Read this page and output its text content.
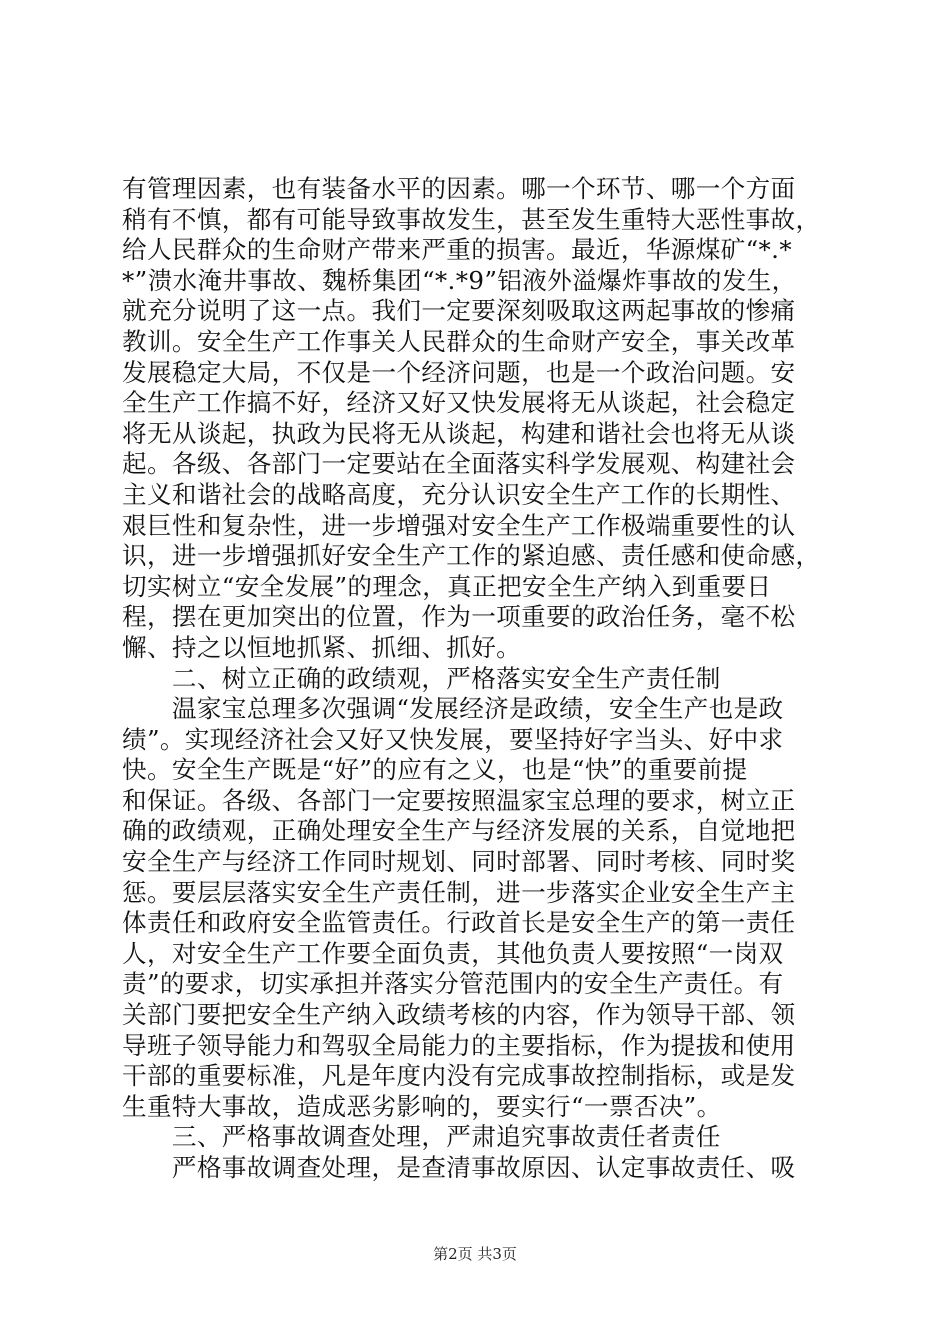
有管理因素，也有装备水平的因素。哪一个环节、哪一个方面
稍有不慎，都有可能导致事故发生，甚至发生重特大恶性事故，
给人民群众的生命财产带来严重的损害。最近，华源煤矿“*.*
*”溃水淹井事故、魏桥集团“*.*9”铝液外溢爆炸事故的发生，
就充分说明了这一点。我们一定要深刻吸取这两起事故的惨痛
教训。安全生产工作事关人民群众的生命财产安全，事关改革
发展稳定大局，不仅是一个经济问题，也是一个政治问题。安
全生产工作搞不好，经济又好又快发展将无从谈起，社会稳定
将无从谈起，执政为民将无从谈起，构建和谐社会也将无从谈
起。各级、各部门一定要站在全面落实科学发展观、构建社会
主义和谐社会的战略高度，充分认识安全生产工作的长期性、
艰巨性和复杂性，进一步增强对安全生产工作极端重要性的认
识，进一步增强抓好安全生产工作的紧迫感、责任感和使命感，
切实树立“安全发展”的理念，真正把安全生产纳入到重要日
程，摆在更加突出的位置，作为一项重要的政治任务，毫不松
懈、持之以恒地抓紧、抓细、抓好。
　　二、树立正确的政绩观，严格落实安全生产责任制
　　温家宝总理多次强调“发展经济是政绩，安全生产也是政
绩”。实现经济社会又好又快发展，要坚持好字当头、好中求
快。安全生产既是“好”的应有之义，也是“快”的重要前提
和保证。各级、各部门一定要按照温家宝总理的要求，树立正
确的政绩观，正确处理安全生产与经济发展的关系，自觉地把
安全生产与经济工作同时规划、同时部署、同时考核、同时奖
惩。要层层落实安全生产责任制，进一步落实企业安全生产主
体责任和政府安全监管责任。行政首长是安全生产的第一责任
人，对安全生产工作要全面负责，其他负责人要按照“一岗双
责”的要求，切实承担并落实分管范围内的安全生产责任。有
关部门要把安全生产纳入政绩考核的内容，作为领导干部、领
导班子领导能力和驾驭全局能力的主要指标，作为提拔和使用
干部的重要标准，凡是年度内没有完成事故控制指标，或是发
生重特大事故，造成恶劣影响的，要实行“一票否决”。
　　三、严格事故调查处理，严肃追究事故责任者责任
　　严格事故调查处理，是查清事故原因、认定事故责任、吸
第2页 共3页
